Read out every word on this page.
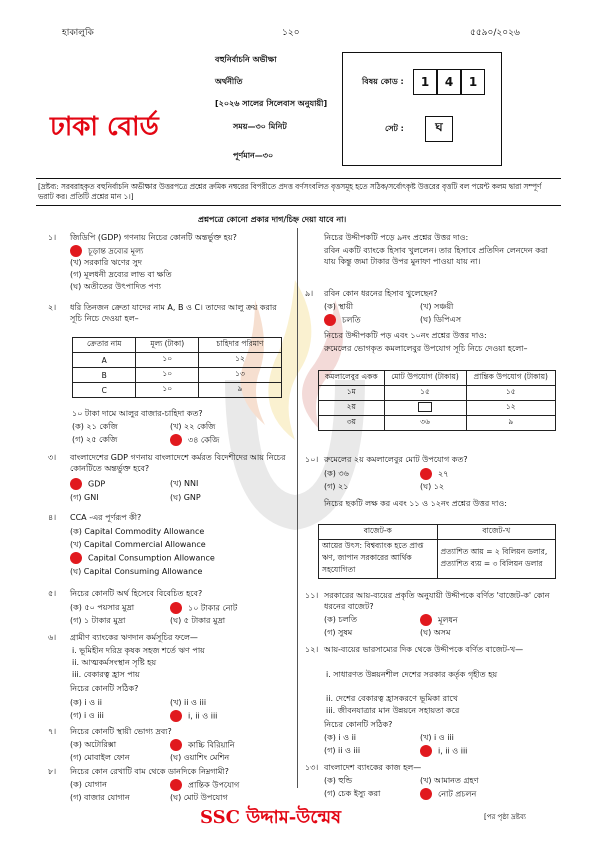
হাকালুকি	১২০	৫৫৯০/২০২৬
ঢাকা বোর্ড
বহুনির্বাচনি অভীক্ষা
অর্থনীতি
[২০২৬ সালের সিলেবাস অনুযায়ী]
সময়—৩০ মিনিট
পূর্ণমান—৩০
বিষয় কোড :	1	4	1
সেট :	ঘ
[দ্রষ্টব্য: সরবরাহকৃত বহুনির্বাচনি অভীক্ষার উত্তরপত্রে প্রশ্নের ক্রমিক নম্বরের বিপরীতে প্রদত্ত বর্ণসংবলিত বৃত্তসমূহ হতে সঠিক/সর্বোৎকৃষ্ট উত্তরের বৃত্তটি বল পয়েন্ট কলম দ্বারা সম্পূর্ণ ভরাট কর। প্রতিটি প্রশ্নের মান ১।]
প্রশ্নপত্রে কোনো প্রকার দাগ/চিহ্ন দেয়া যাবে না।
১। জিডিপি (GDP) গণনায় নিচের কোনটি অন্তর্ভুক্ত হয়?
চূড়ান্ত দ্রব্যের মূল্য
(খ) সরকারি ঋণের সুদ
(গ) মূলধনী দ্রব্যের লাভ বা ক্ষতি
(ঘ) অতীতের উৎপাদিত পণ্য
২। ধরি তিনজন ক্রেতা যাদের নাম A, B ও C। তাদের আলু ক্রয় করার সূচি নিচে দেওয়া হল–
ক্রেতার নাম	মূল্য (টাকা)	চাহিদার পরিমাণ
A	১০	১২
B	১০	১৩
C	১০	৯
১০ টাকা দামে আলুর বাজার-চাহিদা কত?
(ক) ২১ কেজি	(খ) ২২ কেজি
(গ) ২৫ কেজি	৩৪ কেজি
৩। বাংলাদেশের GDP গণনায় বাংলাদেশে কর্মরত বিদেশীদের আয় নিচের কোনটিতে অন্তর্ভুক্ত হবে?
GDP	(খ) NNI
(গ) GNI	(ঘ) GNP
৪। CCA -এর পূর্ণরূপ কী?
(ক) Capital Commodity Allowance
(খ) Capital Commercial Allowance
Capital Consumption Allowance
(ঘ) Capital Consuming Allowance
৫। নিচের কোনটি অর্থ হিসেবে বিবেচিত হবে?
(ক) ৫০ পয়সার মুদ্রা	১০ টাকার নোট
(গ) ১ টাকার মুদ্রা	(ঘ) ৫ টাকার মুদ্রা
৬। গ্রামীণ ব্যাংকের ঋণদান কর্মসূচির ফলে—
i. ভূমিহীন দরিদ্র কৃষক সহজ শর্তে ঋণ পায়
ii. আত্মকর্মসংস্থান সৃষ্টি হয়
iii. বেকারত্ব হ্রাস পায়
নিচের কোনটি সঠিক?
(ক) i ও ii	(খ) ii ও iii
(গ) i ও iii	i, ii ও iii
৭। নিচের কোনটি স্থায়ী ভোগ্য দ্রব্য?
(ক) অটোরিক্সা	কাচ্চি বিরিয়ানি
(গ) মোবাইল ফোন	(ঘ) ওয়াশিং মেশিন
৮। নিচের কোন রেখাটি বাম থেকে ডানদিকে নিম্নগামী?
(ক) যোগান	প্রান্তিক উপযোগ
(গ) বাজার যোগান	(ঘ) মোট উপযোগ
নিচের উদ্দীপকটি পড়ে ৯নং প্রশ্নের উত্তর দাও:
রবিন একটি ব্যাংকে হিসাব খুললেন। তার হিসাবে প্রতিদিন লেনদেন করা যায় কিন্তু জমা টাকার উপর মুনাফা পাওয়া যায় না।
৯। রবিন কোন ধরনের হিসাব খুলেছেন?
(ক) স্থায়ী	(খ) সঞ্চয়ী
চলতি	(ঘ) ডিপিএস
নিচের উদ্দীপকটি পড় এবং ১০নং প্রশ্নের উত্তর দাও:
রুমেলের ভোগকৃত কমলালেবুর উপযোগ সূচি নিচে দেওয়া হলো–
কমলালেবুর একক	মোট উপযোগ (টাকায়)	প্রান্তিক উপযোগ (টাকায়)
১ম	১৫	১৫
২য়		১২
৩য়	৩৬	৯
১০। রুমেলের ২য় কমলালেবুর মোট উপযোগ কত?
(ক) ৩৬	২৭
(গ) ২১	(ঘ) ১২
নিচের ছকটি লক্ষ কর এবং ১১ ও ১২নং প্রশ্নের উত্তর দাও:
বাজেট-ক	বাজেট-খ
আয়ের উৎস: বিশ্বব্যাংক হতে প্রাপ্ত ঋণ, জাপান সরকারের আর্থিক সহযোগিতা	প্রত্যাশিত আয় = ২ বিলিয়ন ডলার, প্রত্যাশিত ব্যয় = ৩ বিলিয়ন ডলার
১১। সরকারের আয়-ব্যয়ের প্রকৃতি অনুযায়ী উদ্দীপকে বর্ণিত 'বাজেট-ক' কোন ধরনের বাজেট?
(ক) চলতি	মূলধন
(গ) সুষম	(ঘ) অসম
১২। আয়-ব্যয়ের ভারসাম্যের দিক থেকে উদ্দীপকে বর্ণিত বাজেট-খ—
i. সাধারণত উন্নয়নশীল দেশের সরকার কর্তৃক গৃহীত হয়
ii. দেশের বেকারত্ব হ্রাসকরণে ভূমিকা রাখে
iii. জীবনযাত্রার মান উন্নয়নে সহায়তা করে
নিচের কোনটি সঠিক?
(ক) i ও ii	(খ) i ও iii
(গ) ii ও iii	i, ii ও iii
১৩। বাংলাদেশ ব্যাংকের কাজ হল—
(ক) হুন্ডি	(খ) আমানত গ্রহণ
(গ) চেক ইস্যু করা	নোট প্রচলন
SSC উদ্দাম-উন্মেষ	[পর পৃষ্ঠা দ্রষ্টব্য
